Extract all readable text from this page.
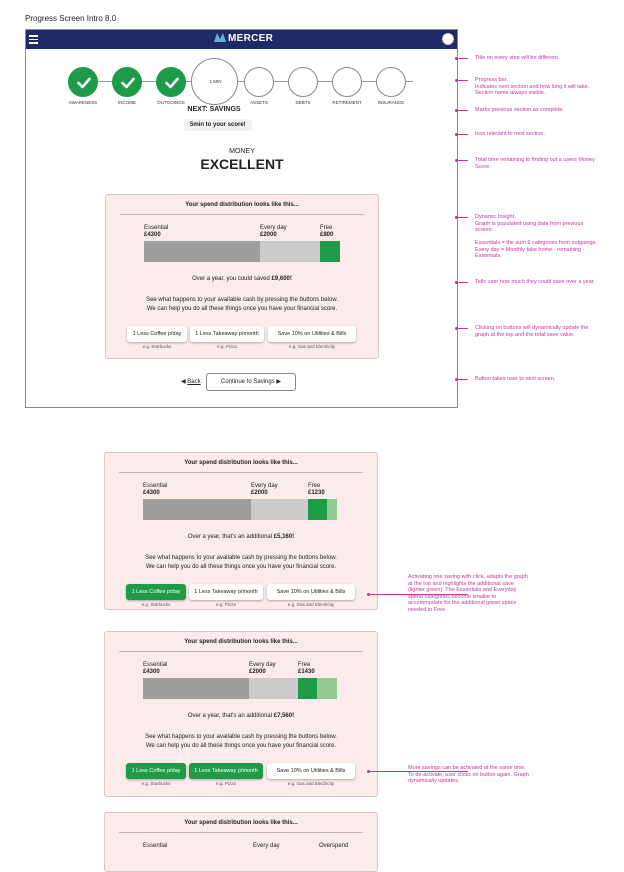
Progress Screen Intro 8.0
MERCER
NEXT: SAVINGS
5min to your score!
MONEY
EXCELLENT
Your spend distribution looks like this...
Essential
£4300
Every day
£2000
Free
£800
Over a year, you could saved £9,600!
See what happens to your available cash by pressing the buttons below.
We can help you do all these things once you have your financial score.
1 Less Coffee p/day
e.g. Starbucks
1 Less Takeaway p/month
e.g. Pizza
Save 10% on Utilities & Bills
e.g. Gas and Electricity
◀ Back	Continue to Savings ▶
AWARENESS	INCOME	OUTGOINGS
1 MIN
ASSETS	DEBTS	RETIREMENT	INSURANCE
Your spend distribution looks like this...
Essential
£4300
Every day
£2000
Free
£1230
Over a year, that's an additional £5,160!
See what happens to your available cash by pressing the buttons below.
We can help you do all these things once you have your financial score.
1 Less Coffee p/day
e.g. Starbucks
1 Less Takeaway p/month
e.g. Pizza
Save 10% on Utilities & Bills
e.g. Gas and Electricity
Your spend distribution looks like this...
Essential
£4300
Every day
£2000
Free
£1430
Over a year, that's an additional £7,560!
See what happens to your available cash by pressing the buttons below.
We can help you do all these things once you have your financial score.
1 Less Coffee p/day
e.g. Starbucks
1 Less Takeaway p/month
e.g. Pizza
Save 10% on Utilities & Bills
e.g. Gas and Electricity
Your spend distribution looks like this...
Essential	Every day	Overspend
Title on every step will be different.
Progress bar
Indicates next section and how long it will take.
Section name always visible.
Marks previous section as complete.
Icon relevant to next section.
Total time remaining to finding out a users Money
Score.
Dynamic Insight.
Graph is populated using data from previous
screen.

Essentials = the sum 6 categories from outgoings.
Every day = Monthly take home - remaining -
Essentials.
Tells user how much they could save over a year.
Clicking on buttons will dynamically update the
graph at the top and the total save value.
Button takes user to next screen.
Activating one saving with click, adapts the graph
at the top and highlights the additional save
(lighter green). The Essentials and Everyday
spend categories become smaller to
accommodate for the additional green space
needed in Free.
More savings can be activated at the same time.
To de-activate, user clicks on button again. Graph
dynamically updates.
